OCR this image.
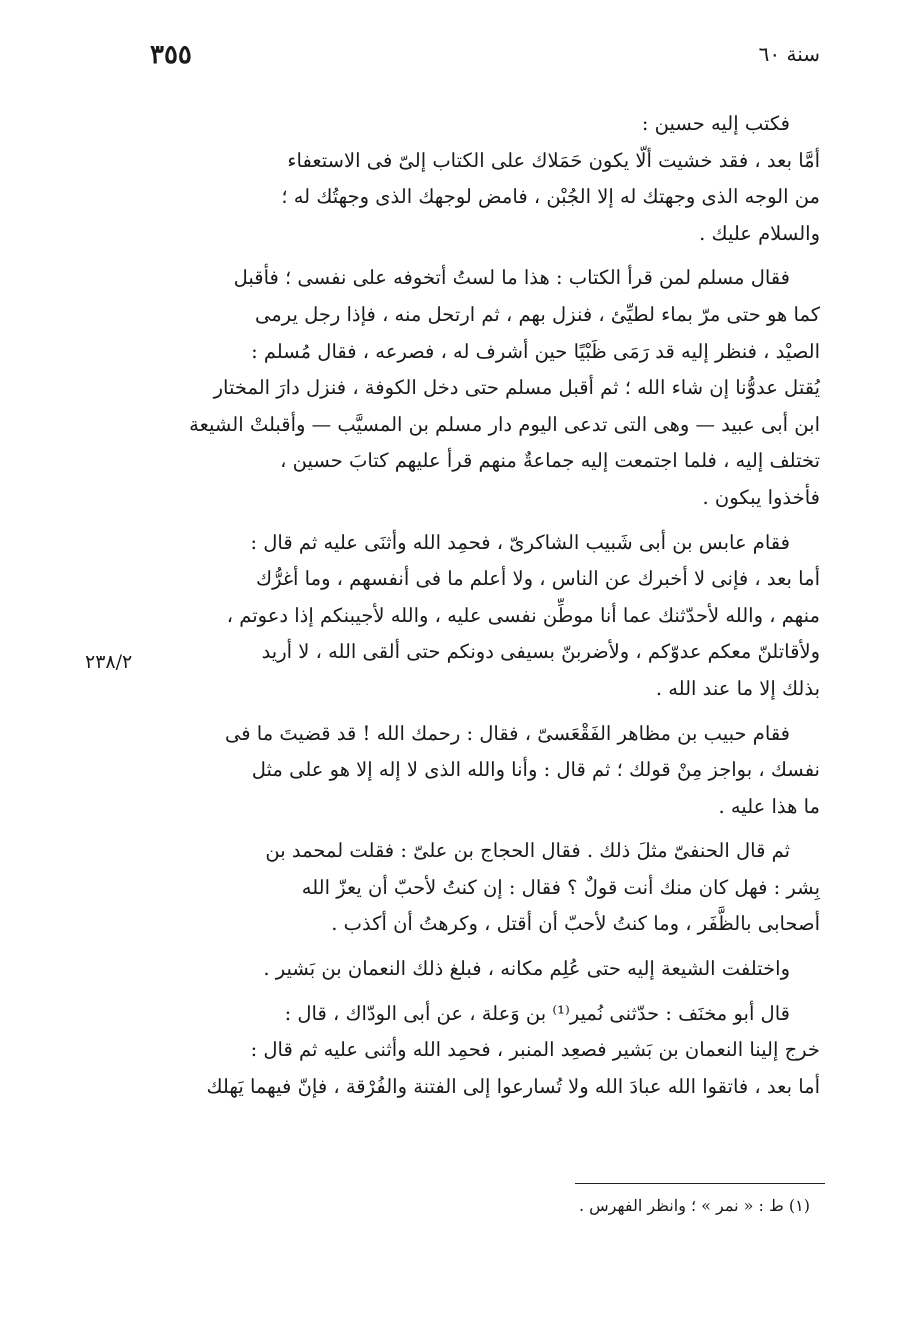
٣٥٥	سنة ٦٠

فكتب إليه حسين :
أمَّا بعد ، فقد خشيت ألّا يكون حَمَلاك على الكتاب إلىّ فى الاستعفاء
من الوجه الذى وجهتك له إلا الجُبْن ، فامض لوجهك الذى وجهتُك له ؛
والسلام عليك .

فقال مسلم لمن قرأ الكتاب : هذا ما لستُ أتخوفه على نفسى ؛ فأقبل
كما هو حتى مرّ بماء لطيِّئ ، فنزل بهم ، ثم ارتحل منه ، فإذا رجل يرمى
الصيْد ، فنظر إليه قد رَمَى ظَبْيًا حين أشرف له ، فصرعه ، فقال مُسلم :
يُقتل عدوُّنا إن شاء الله ؛ ثم أقبل مسلم حتى دخل الكوفة ، فنزل دارَ المختار
ابن أبى عبيد — وهى التى تدعى اليوم دار مسلم بن المسيَّب — وأقبلتْ الشيعة
تختلف إليه ، فلما اجتمعت إليه جماعةٌ منهم قرأ عليهم كتابَ حسين ،
فأخذوا يبكون .

فقام عابس بن أبى شَبيب الشاكرىّ ، فحمِد الله وأثنَى عليه ثم قال :
أما بعد ، فإنى لا أخبرك عن الناس ، ولا أعلم ما فى أنفسهم ، وما أغرُّك
منهم ، والله لأحدّثنك عما أنا موطِّن نفسى عليه ، والله لأجيبنكم إذا دعوتم ،
ولأقاتلنّ معكم عدوّكم ، ولأضربنّ بسيفى دونكم حتى ألقى الله ، لا أريد
بذلك إلا ما عند الله .

فقام حبيب بن مظاهر الفَقْعَسىّ ، فقال : رحمك الله ! قد قضيتَ ما فى
نفسك ، بواجز مِنْ قولك ؛ ثم قال : وأنا والله الذى لا إله إلا هو على مثل
ما هذا عليه .

ثم قال الحنفىّ مثلَ ذلك . فقال الحجاج بن علىّ : فقلت لمحمد بن
بِشر : فهل كان منك أنت قولٌ ؟ فقال : إن كنتُ لأحبّ أن يعزّ الله
أصحابى بالظَّفَر ، وما كنتُ لأحبّ أن أقتل ، وكرهتُ أن أكذب .

واختلفت الشيعة إليه حتى عُلِم مكانه ، فبلغ ذلك النعمان بن بَشير .

قال أبو مخنَف : حدّثنى نُمير⁽¹⁾ بن وَعلة ، عن أبى الودّاك ، قال :
خرج إلينا النعمان بن بَشير فصعِد المنبر ، فحمِد الله وأثنى عليه ثم قال :
أما بعد ، فاتقوا الله عبادَ الله ولا تُسارعوا إلى الفتنة والفُرْقة ، فإنّ فيهما يَهلك

٢٣٨/٢
(١) ط : « نمر » ؛ وانظر الفهرس .
